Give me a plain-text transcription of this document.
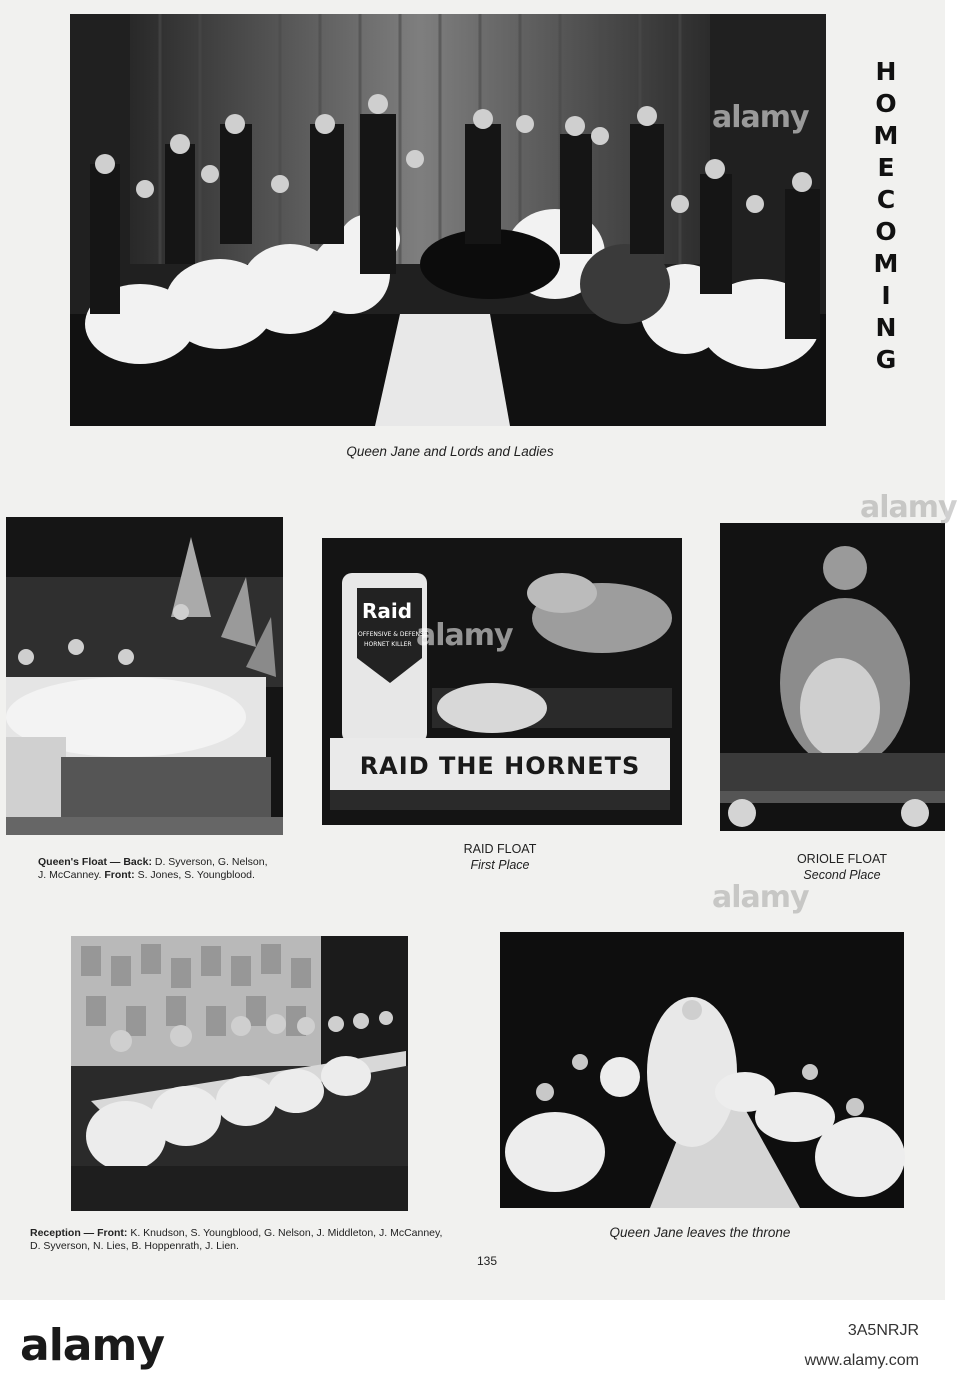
alamy
H
O
M
E
C
O
M
I
N
G
Queen Jane and Lords and Ladies
Raid
OFFENSIVE & DEFENSE
HORNET KILLER
RAID THE HORNETS
alamy
alamy
Queen's Float — Back: D. Syverson, G. Nelson, J. McCanney. Front: S. Jones, S. Youngblood.
RAID FLOAT
First Place	ORIOLE FLOAT
Second Place
alamy
Reception — Front: K. Knudson, S. Youngblood, G. Nelson, J. Middleton, J. McCanney, D. Syverson, N. Lies, B. Hoppenrath, J. Lien.
Queen Jane leaves the throne
135
alamy	3A5NRJR
www.alamy.com
